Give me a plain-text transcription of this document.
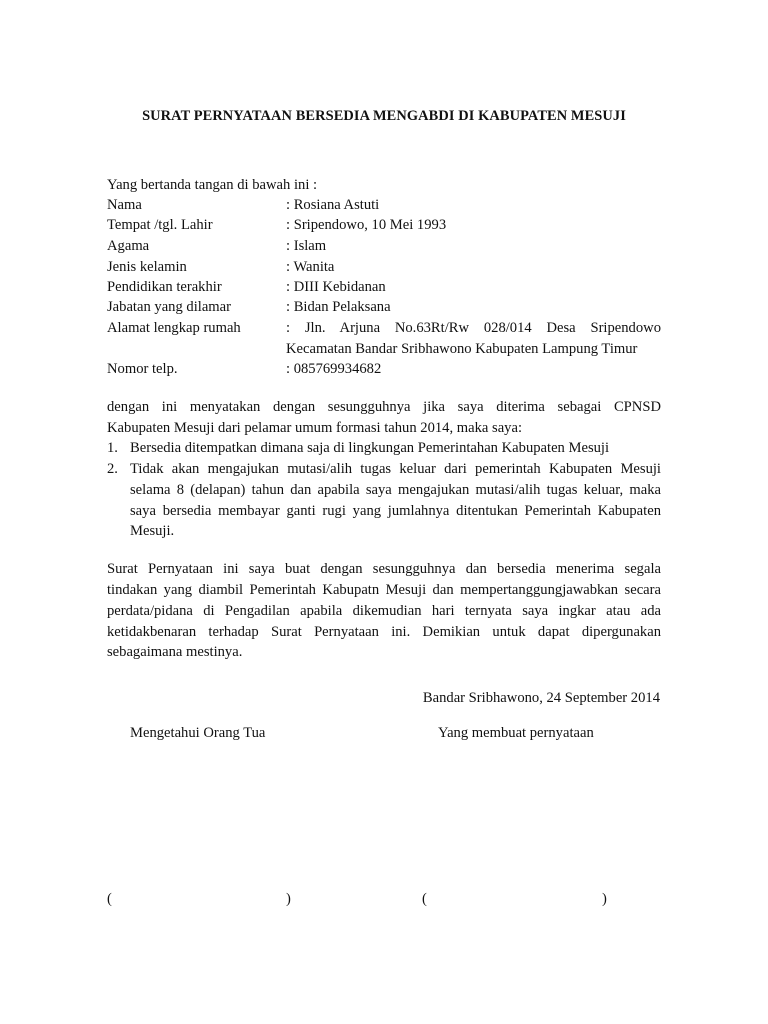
SURAT PERNYATAAN BERSEDIA MENGABDI DI KABUPATEN MESUJI
Yang bertanda tangan di bawah ini :
Nama	: Rosiana Astuti
Tempat /tgl. Lahir	: Sripendowo, 10 Mei 1993
Agama	: Islam
Jenis kelamin	: Wanita
Pendidikan terakhir	: DIII Kebidanan
Jabatan yang dilamar	: Bidan Pelaksana
Alamat lengkap rumah	: Jln. Arjuna No.63Rt/Rw 028/014 Desa Sripendowo
Kecamatan Bandar Sribhawono Kabupaten Lampung Timur
Nomor telp.	: 085769934682
dengan ini menyatakan dengan sesungguhnya jika saya diterima sebagai CPNSD
Kabupaten Mesuji dari pelamar umum formasi tahun 2014, maka saya:
1. Bersedia ditempatkan dimana saja di lingkungan Pemerintahan Kabupaten Mesuji
2. Tidak akan mengajukan mutasi/alih tugas keluar dari pemerintah Kabupaten Mesuji
selama 8 (delapan) tahun dan apabila saya mengajukan mutasi/alih tugas keluar, maka
saya bersedia membayar ganti rugi yang jumlahnya ditentukan Pemerintah Kabupaten
Mesuji.
Surat Pernyataan ini saya buat dengan sesungguhnya dan bersedia menerima segala
tindakan yang diambil Pemerintah Kabupatn Mesuji dan mempertanggungjawabkan secara
perdata/pidana di Pengadilan apabila dikemudian hari ternyata saya ingkar atau ada
ketidakbenaran terhadap Surat Pernyataan ini. Demikian untuk dapat dipergunakan
sebagaimana mestinya.
Bandar Sribhawono, 24 September 2014
Mengetahui Orang Tua	Yang membuat pernyataan
(	)	(	)
